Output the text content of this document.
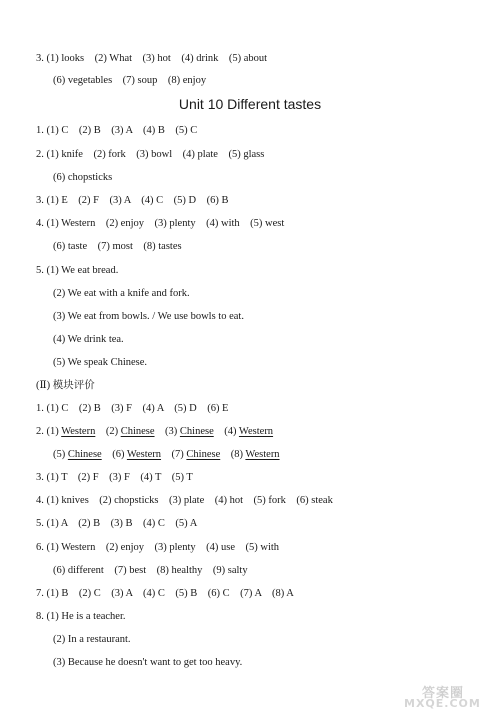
3. (1) looks    (2) What    (3) hot    (4) drink    (5) about
(6) vegetables    (7) soup    (8) enjoy
Unit 10 Different tastes
1. (1) C    (2) B    (3) A    (4) B    (5) C
2. (1) knife    (2) fork    (3) bowl    (4) plate    (5) glass
(6) chopsticks
3. (1) E    (2) F    (3) A    (4) C    (5) D    (6) B
4. (1) Western    (2) enjoy    (3) plenty    (4) with    (5) west
(6) taste    (7) most    (8) tastes
5. (1) We eat bread.
(2) We eat with a knife and fork.
(3) We eat from bowls. / We use bowls to eat.
(4) We drink tea.
(5) We speak Chinese.
(Ⅱ) 模块评价
1. (1) C    (2) B    (3) F    (4) A    (5) D    (6) E
2. (1) Western    (2) Chinese    (3) Chinese    (4) Western
(5) Chinese    (6) Western    (7) Chinese    (8) Western
3. (1) T    (2) F    (3) F    (4) T    (5) T
4. (1) knives    (2) chopsticks    (3) plate    (4) hot    (5) fork    (6) steak
5. (1) A    (2) B    (3) B    (4) C    (5) A
6. (1) Western    (2) enjoy    (3) plenty    (4) use    (5) with
(6) different    (7) best    (8) healthy    (9) salty
7. (1) B    (2) C    (3) A    (4) C    (5) B    (6) C    (7) A    (8) A
8. (1) He is a teacher.
(2) In a restaurant.
(3) Because he doesn't want to get too heavy.
答案圈
MXQE.COM
